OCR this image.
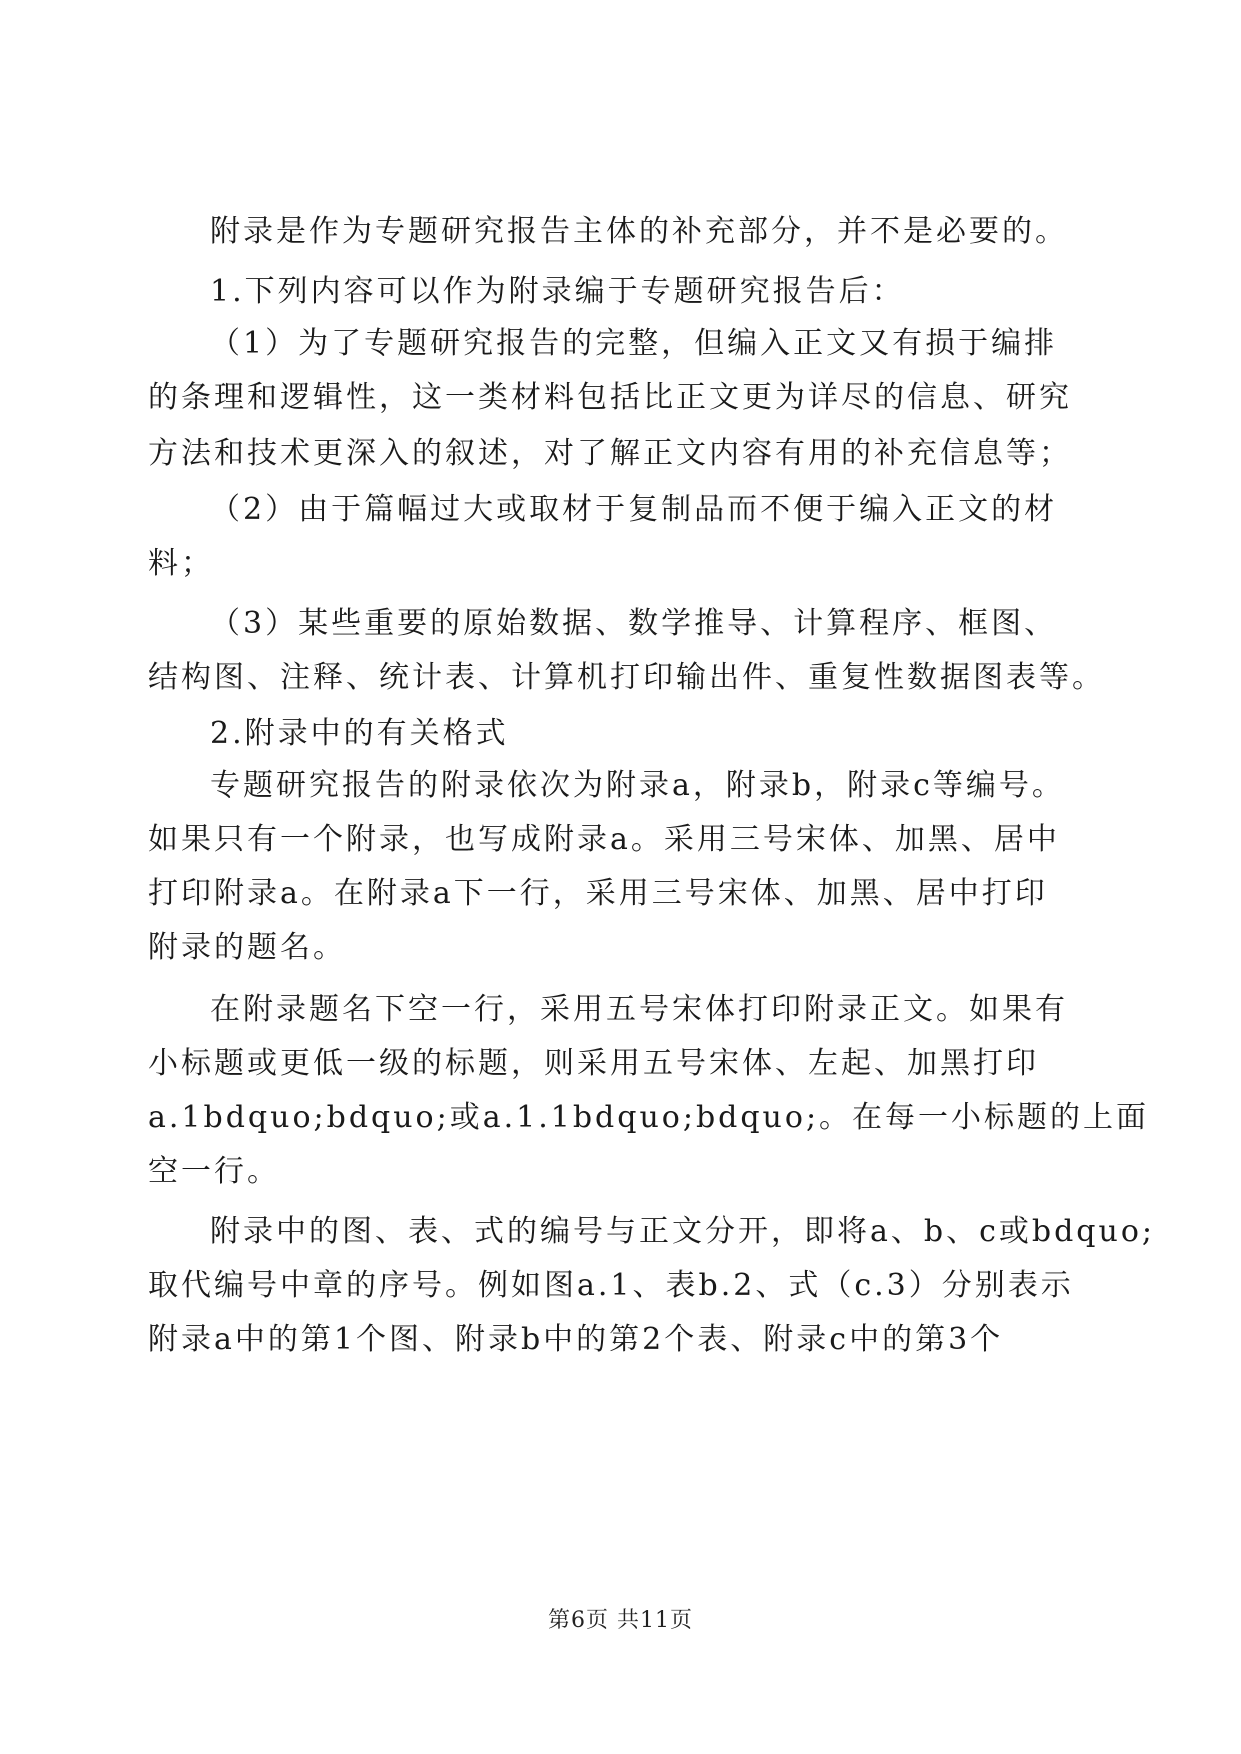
附录是作为专题研究报告主体的补充部分，并不是必要的。
1.下列内容可以作为附录编于专题研究报告后：
（1）为了专题研究报告的完整，但编入正文又有损于编排
的条理和逻辑性，这一类材料包括比正文更为详尽的信息、研究
方法和技术更深入的叙述，对了解正文内容有用的补充信息等；
（2）由于篇幅过大或取材于复制品而不便于编入正文的材
料；
（3）某些重要的原始数据、数学推导、计算程序、框图、
结构图、注释、统计表、计算机打印输出件、重复性数据图表等。
2.附录中的有关格式
专题研究报告的附录依次为附录a，附录b，附录c等编号。
如果只有一个附录，也写成附录a。采用三号宋体、加黑、居中
打印附录a。在附录a下一行，采用三号宋体、加黑、居中打印
附录的题名。
在附录题名下空一行，采用五号宋体打印附录正文。如果有
小标题或更低一级的标题，则采用五号宋体、左起、加黑打印
a.1bdquo;bdquo;或a.1.1bdquo;bdquo;。在每一小标题的上面
空一行。
附录中的图、表、式的编号与正文分开，即将a、b、c或bdquo;
取代编号中章的序号。例如图a.1、表b.2、式（c.3）分别表示
附录a中的第1个图、附录b中的第2个表、附录c中的第3个
第6页 共11页
